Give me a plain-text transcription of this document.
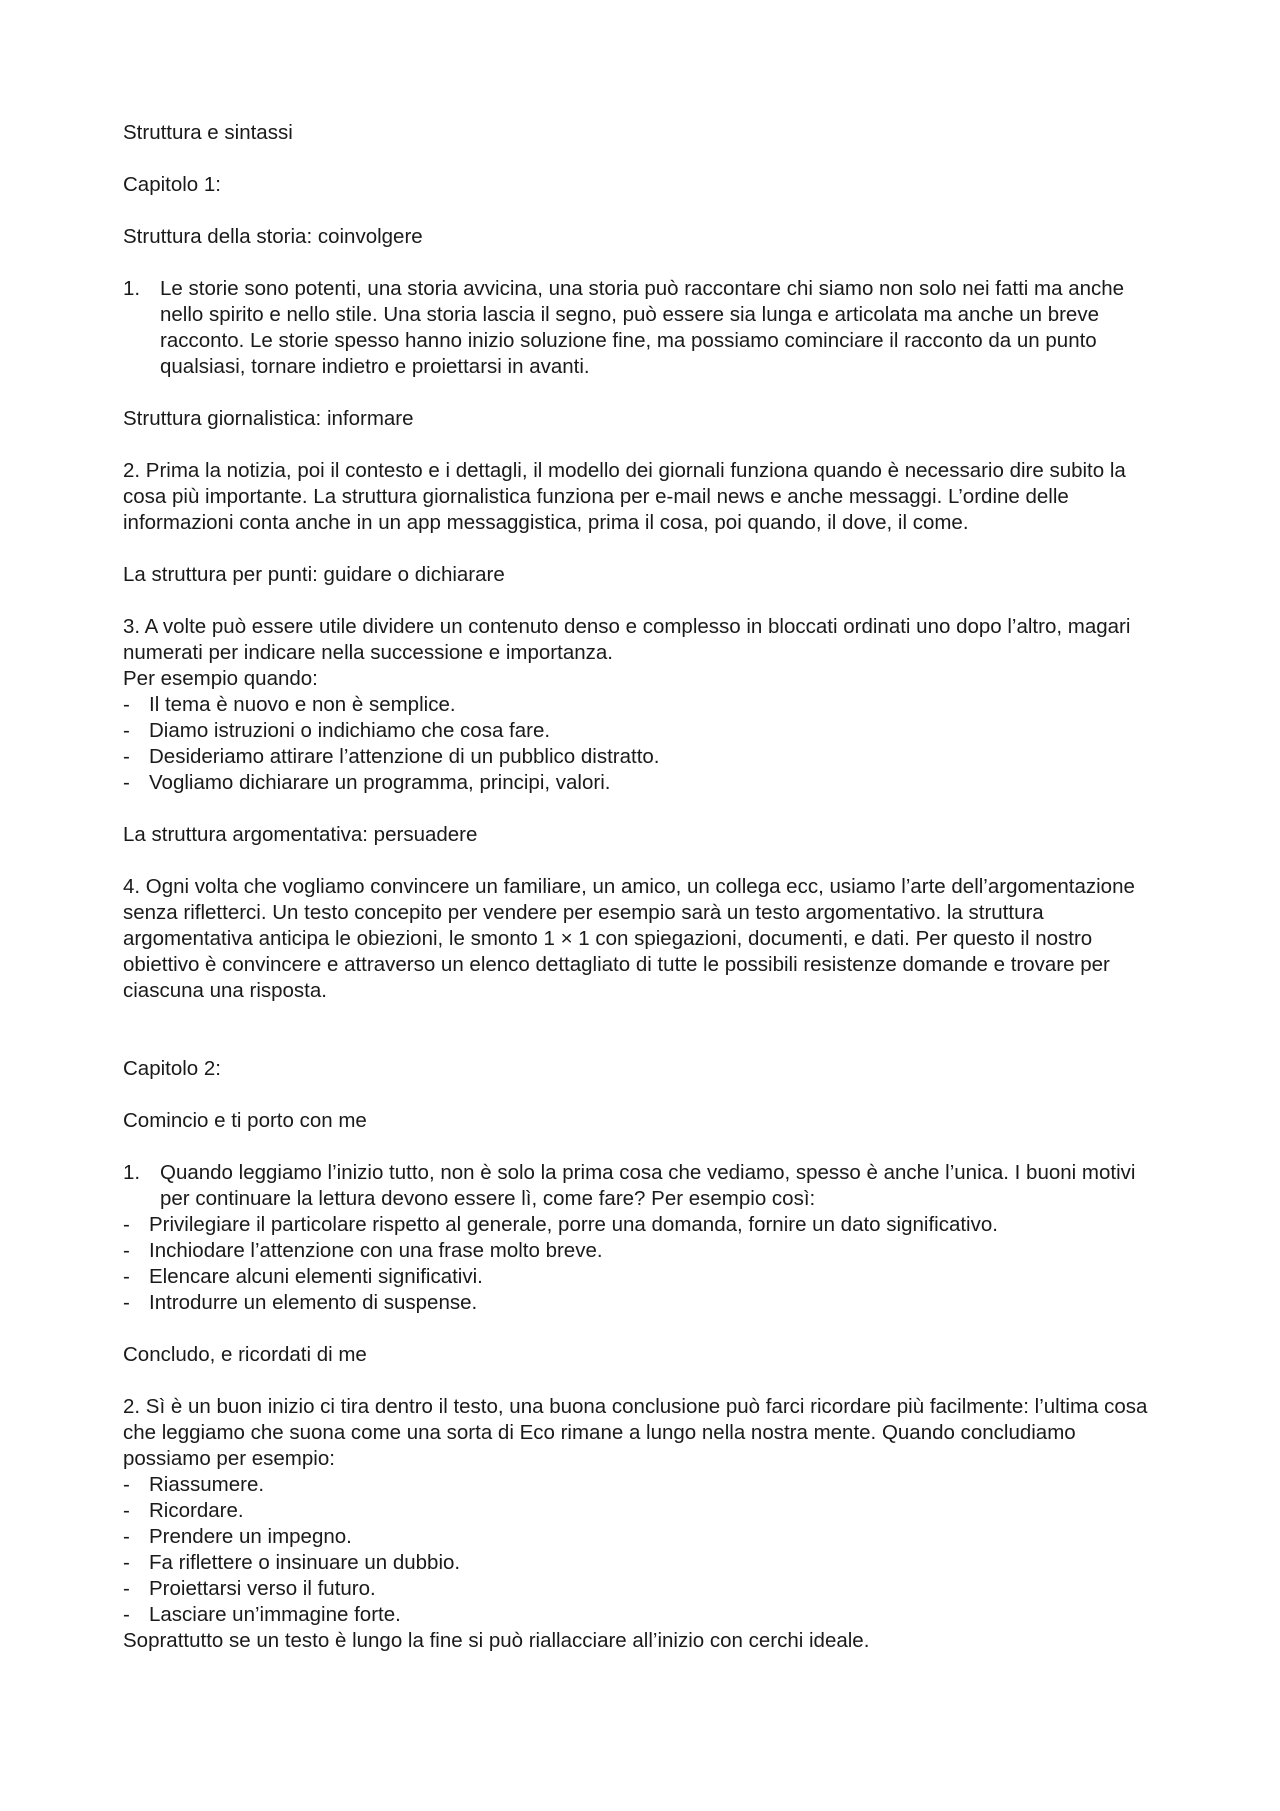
Struttura e sintassi

Capitolo 1:

Struttura della storia: coinvolgere

1. Le storie sono potenti, una storia avvicina, una storia può raccontare chi siamo non solo nei fatti ma anche nello spirito e nello stile. Una storia lascia il segno, può essere sia lunga e articolata ma anche un breve racconto. Le storie spesso hanno inizio soluzione fine, ma possiamo cominciare il racconto da un punto qualsiasi, tornare indietro e proiettarsi in avanti.

Struttura giornalistica: informare

2. Prima la notizia, poi il contesto e i dettagli, il modello dei giornali funziona quando è necessario dire subito la cosa più importante. La struttura giornalistica funziona per e-mail news e anche messaggi. L’ordine delle informazioni conta anche in un app messaggistica, prima il cosa, poi quando, il dove, il come.

La struttura per punti: guidare o dichiarare

3. A volte può essere utile dividere un contenuto denso e complesso in bloccati ordinati uno dopo l’altro, magari numerati per indicare nella successione e importanza.

Per esempio quando:

- Il tema è nuovo e non è semplice.
- Diamo istruzioni o indichiamo che cosa fare.
- Desideriamo attirare l’attenzione di un pubblico distratto.
- Vogliamo dichiarare un programma, principi, valori.

La struttura argomentativa: persuadere

4. Ogni volta che vogliamo convincere un familiare, un amico, un collega ecc, usiamo l’arte dell’argomentazione senza rifletterci. Un testo concepito per vendere per esempio sarà un testo argomentativo. la struttura argomentativa anticipa le obiezioni, le smonto 1 × 1 con spiegazioni, documenti, e dati. Per questo il nostro obiettivo è convincere e attraverso un elenco dettagliato di tutte le possibili resistenze domande e trovare per ciascuna una risposta.

Capitolo 2:

Comincio e ti porto con me

1. Quando leggiamo l’inizio tutto, non è solo la prima cosa che vediamo, spesso è anche l’unica. I buoni motivi per continuare la lettura devono essere lì, come fare? Per esempio così:
- Privilegiare il particolare rispetto al generale, porre una domanda, fornire un dato significativo.
- Inchiodare l’attenzione con una frase molto breve.
- Elencare alcuni elementi significativi.
- Introdurre un elemento di suspense.

Concludo, e ricordati di me

2. Sì è un buon inizio ci tira dentro il testo, una buona conclusione può farci ricordare più facilmente: l’ultima cosa che leggiamo che suona come una sorta di Eco rimane a lungo nella nostra mente. Quando concludiamo possiamo per esempio:

- Riassumere.
- Ricordare.
- Prendere un impegno.
- Fa riflettere o insinuare un dubbio.
- Proiettarsi verso il futuro.
- Lasciare un’immagine forte.

Soprattutto se un testo è lungo la fine si può riallacciare all’inizio con cerchi ideale.
